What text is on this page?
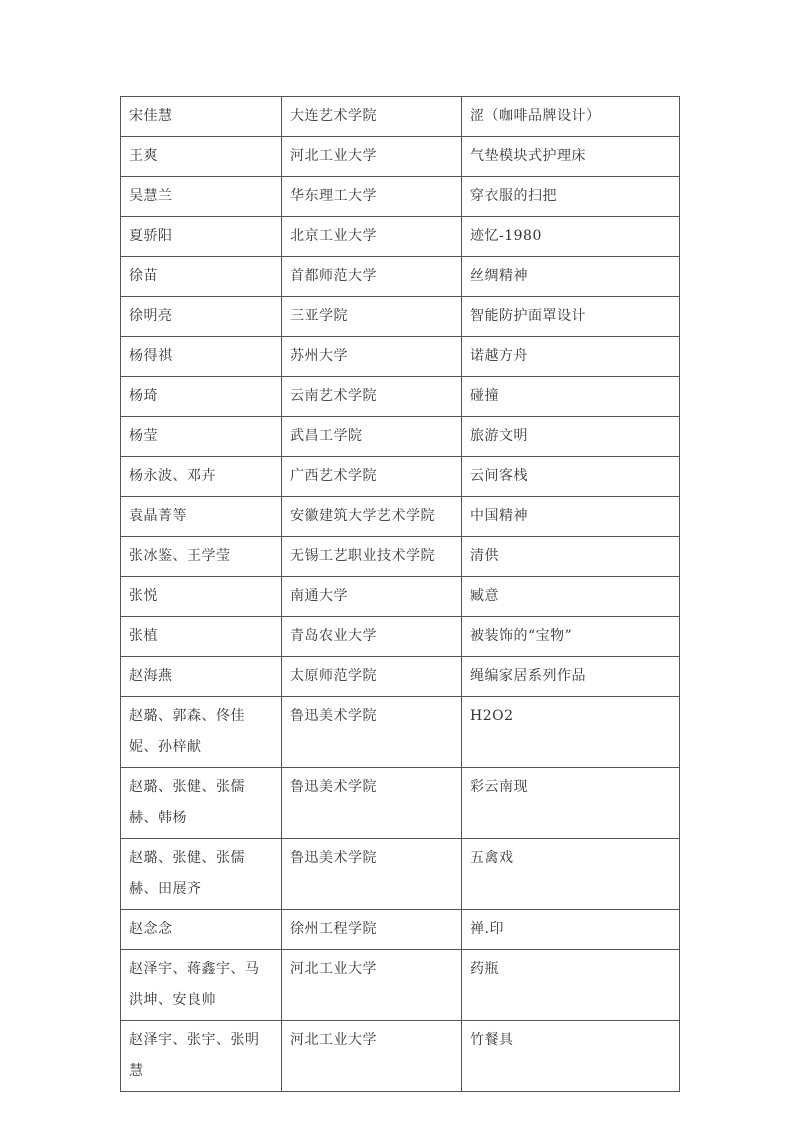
宋佳慧	大连艺术学院	涩（咖啡品牌设计）
王爽	河北工业大学	气垫模块式护理床
吴慧兰	华东理工大学	穿衣服的扫把
夏骄阳	北京工业大学	迹忆-1980
徐苗	首都师范大学	丝绸精神
徐明亮	三亚学院	智能防护面罩设计
杨得祺	苏州大学	诺越方舟
杨琦	云南艺术学院	碰撞
杨莹	武昌工学院	旅游文明
杨永波、邓卉	广西艺术学院	云间客栈
袁晶菁等	安徽建筑大学艺术学院	中国精神
张冰鉴、王学莹	无锡工艺职业技术学院	清供
张悦	南通大学	臧意
张植	青岛农业大学	被装饰的“宝物”
赵海燕	太原师范学院	绳编家居系列作品
赵璐、郭森、佟佳妮、孙梓献	鲁迅美术学院	H2O2
赵璐、张健、张儒赫、韩杨	鲁迅美术学院	彩云南现
赵璐、张健、张儒赫、田展齐	鲁迅美术学院	五禽戏
赵念念	徐州工程学院	禅.印
赵泽宇、蒋鑫宇、马洪坤、安良帅	河北工业大学	药瓶
赵泽宇、张宇、张明慧	河北工业大学	竹餐具
